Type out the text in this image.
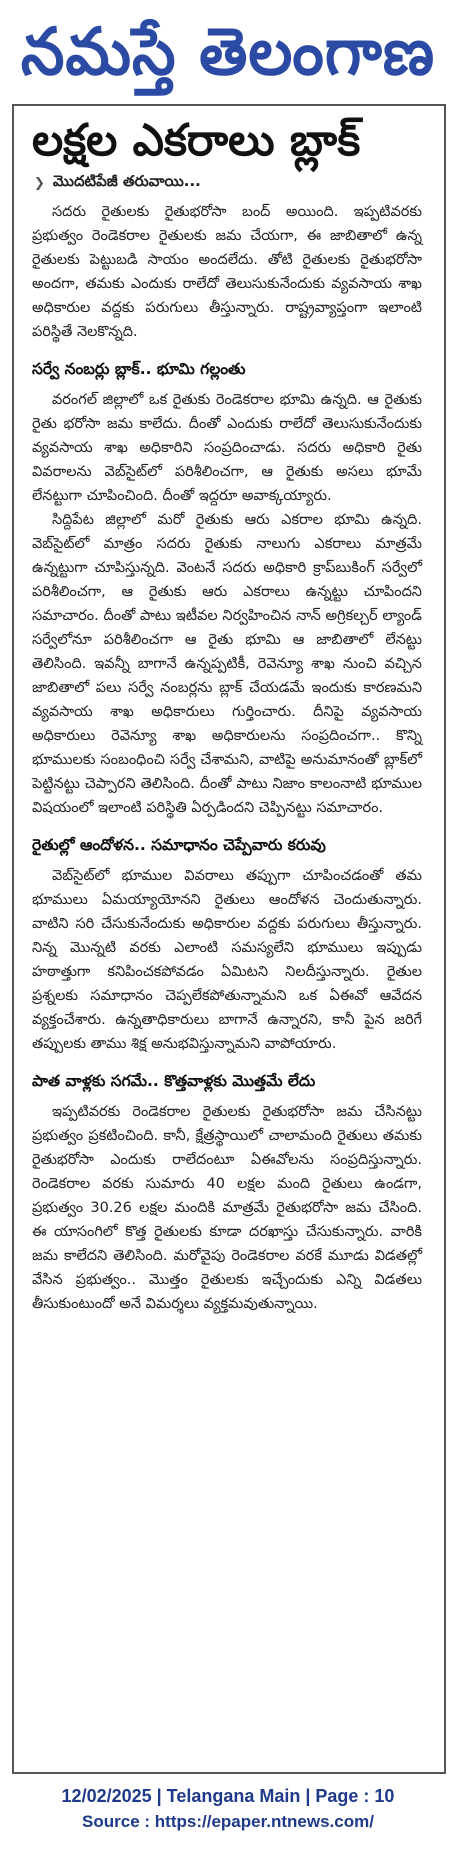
నమస్తే తెలంగాణ
లక్షల ఎకరాలు బ్లాక్
❯ మొదటిపేజీ తరువాయి...

సదరు రైతులకు రైతుభరోసా బంద్ అయింది. ఇప్పటివరకు ప్రభుత్వం రెండెకరాల రైతులకు జమ చేయగా, ఈ జాబితాలో ఉన్న రైతులకు పెట్టుబడి సాయం అందలేదు. తోటి రైతులకు రైతుభరోసా అందగా, తమకు ఎందుకు రాలేదో తెలుసుకునేందుకు వ్యవసాయ శాఖ అధికారుల వద్దకు పరుగులు తీస్తున్నారు. రాష్ట్రవ్యాప్తంగా ఇలాంటి పరిస్థితే నెలకొన్నది.

సర్వే నంబర్లు బ్లాక్.. భూమి గల్లంతు

వరంగల్ జిల్లాలో ఒక రైతుకు రెండెకరాల భూమి ఉన్నది. ఆ రైతుకు రైతు భరోసా జమ కాలేదు. దీంతో ఎందుకు రాలేదో తెలుసుకునేందుకు వ్యవసాయ శాఖ అధికారిని సంప్రదించాడు. సదరు అధికారి రైతు వివరాలను వెబ్‌సైట్‌లో పరిశీలించగా, ఆ రైతుకు అసలు భూమే లేనట్టుగా చూపించింది. దీంతో ఇద్దరూ అవాక్కయ్యారు.

సిద్దిపేట జిల్లాలో మరో రైతుకు ఆరు ఎకరాల భూమి ఉన్నది. వెబ్‌సైట్‌లో మాత్రం సదరు రైతుకు నాలుగు ఎకరాలు మాత్రమే ఉన్నట్టుగా చూపిస్తున్నది. వెంటనే సదరు అధికారి క్రాప్‌బుకింగ్ సర్వేలో పరిశీలించగా, ఆ రైతుకు ఆరు ఎకరాలు ఉన్నట్టు చూపిందని సమాచారం. దీంతో పాటు ఇటీవల నిర్వహించిన నాన్ అగ్రికల్చర్ ల్యాండ్ సర్వేలోనూ పరిశీలించగా ఆ రైతు భూమి ఆ జాబితాలో లేనట్టు తెలిసింది. ఇవన్నీ బాగానే ఉన్నప్పటికీ, రెవెన్యూ శాఖ నుంచి వచ్చిన జాబితాలో పలు సర్వే నంబర్లను బ్లాక్ చేయడమే ఇందుకు కారణమని వ్యవసాయ శాఖ అధికారులు గుర్తించారు. దీనిపై వ్యవసాయ అధికారులు రెవెన్యూ శాఖ అధికారులను సంప్రదించగా.. కొన్ని భూములకు సంబంధించి సర్వే చేశామని, వాటిపై అనుమానంతో బ్లాక్‌లో పెట్టినట్టు చెప్పారని తెలిసింది. దీంతో పాటు నిజాం కాలంనాటి భూముల విషయంలో ఇలాంటి పరిస్థితి ఏర్పడిందని చెప్పినట్టు సమాచారం.

రైతుల్లో ఆందోళన.. సమాధానం చెప్పేవారు కరువు

వెబ్‌సైట్‌లో భూముల వివరాలు తప్పుగా చూపించడంతో తమ భూములు ఏమయ్యాయోనని రైతులు ఆందోళన చెందుతున్నారు. వాటిని సరి చేసుకునేందుకు అధికారుల వద్దకు పరుగులు తీస్తున్నారు. నిన్న మొన్నటి వరకు ఎలాంటి సమస్యలేని భూములు ఇప్పుడు హఠాత్తుగా కనిపించకపోవడం ఏమిటని నిలదీస్తున్నారు. రైతుల ప్రశ్నలకు సమాధానం చెప్పలేకపోతున్నామని ఒక ఏఈవో ఆవేదన వ్యక్తంచేశారు. ఉన్నతాధికారులు బాగానే ఉన్నారని, కానీ పైన జరిగే తప్పులకు తాము శిక్ష అనుభవిస్తున్నామని వాపోయారు.

పాత వాళ్లకు సగమే.. కొత్తవాళ్లకు మొత్తమే లేదు

ఇప్పటివరకు రెండెకరాల రైతులకు రైతుభరోసా జమ చేసినట్టు ప్రభుత్వం ప్రకటించింది. కానీ, క్షేత్రస్థాయిలో చాలామంది రైతులు తమకు రైతుభరోసా ఎందుకు రాలేదంటూ ఏఈవోలను సంప్రదిస్తున్నారు. రెండెకరాల వరకు సుమారు 40 లక్షల మంది రైతులు ఉండగా, ప్రభుత్వం 30.26 లక్షల మందికి మాత్రమే రైతుభరోసా జమ చేసింది. ఈ యాసంగిలో కొత్త రైతులకు కూడా దరఖాస్తు చేసుకున్నారు. వారికి జమ కాలేదని తెలిసింది. మరోవైపు రెండెకరాల వరకే మూడు విడతల్లో వేసిన ప్రభుత్వం.. మొత్తం రైతులకు ఇచ్చేందుకు ఎన్ని విడతలు తీసుకుంటుందో అనే విమర్శలు వ్యక్తమవుతున్నాయి.

12/02/2025 | Telangana Main | Page : 10
Source : https://epaper.ntnews.com/
